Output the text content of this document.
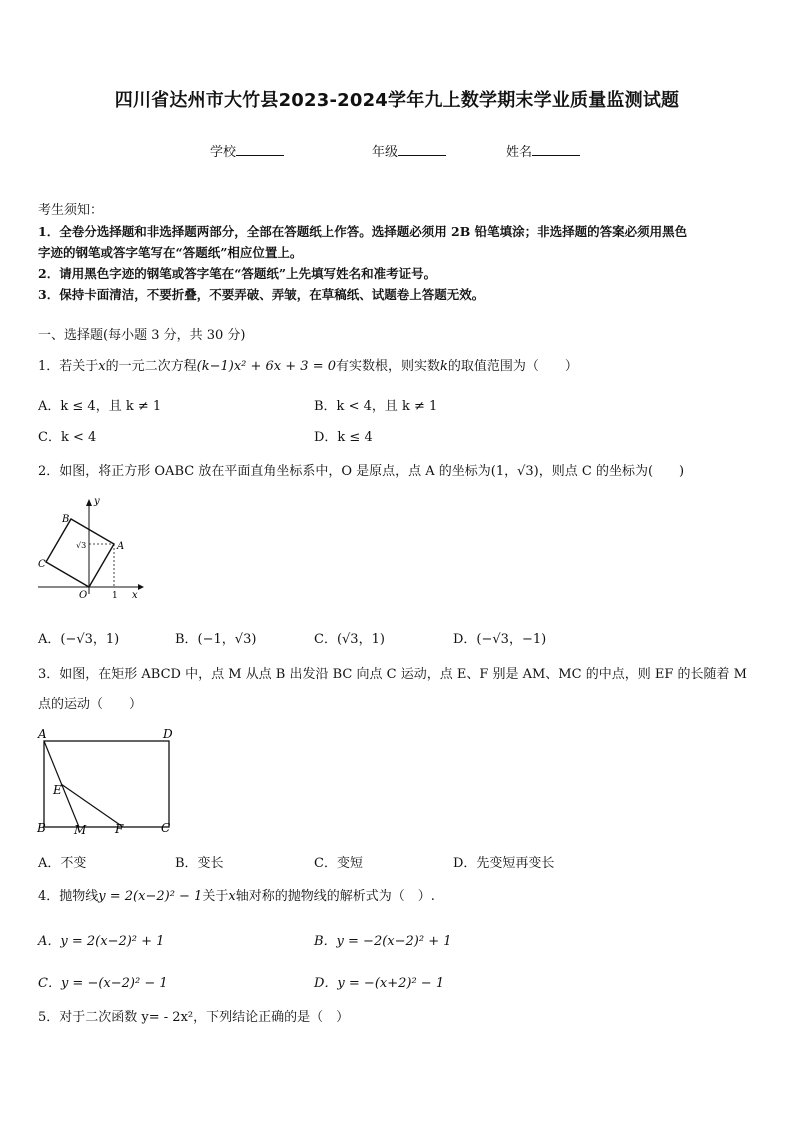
四川省达州市大竹县2023-2024学年九上数学期末学业质量监测试题
学校	年级	姓名
考生须知：
1．全卷分选择题和非选择题两部分，全部在答题纸上作答。选择题必须用 2B 铅笔填涂；非选择题的答案必须用黑色
字迹的钢笔或答字笔写在“答题纸”相应位置上。
2．请用黑色字迹的钢笔或答字笔在“答题纸”上先填写姓名和准考证号。
3．保持卡面清洁，不要折叠，不要弄破、弄皱，在草稿纸、试题卷上答题无效。
一、选择题(每小题 3 分，共 30 分)
1．若关于x的一元二次方程(k−1)x² + 6x + 3 = 0有实数根，则实数k的取值范围为（　　）
A．k ≤ 4，且 k ≠ 1	B．k < 4，且 k ≠ 1
C．k < 4	D．k ≤ 4
2．如图，将正方形 OABC 放在平面直角坐标系中，O 是原点，点 A 的坐标为(1，√3)，则点 C 的坐标为(　　)
B
A
C
O
y
x
1
√3
A．(−√3，1)	B．(−1，√3)	C．(√3，1)	D．(−√3，−1)
3．如图，在矩形 ABCD 中，点 M 从点 B 出发沿 BC 向点 C 运动，点 E、F 别是 AM、MC 的中点，则 EF 的长随着 M
点的运动（　　）
A	D
E
B M F	C
A．不变	B．变长	C．变短	D．先变短再变长
4．抛物线y = 2(x−2)² − 1关于x轴对称的抛物线的解析式为（　）.
A．y = 2(x−2)² + 1	B．y = −2(x−2)² + 1
C．y = −(x−2)² − 1	D．y = −(x+2)² − 1
5．对于二次函数 y= - 2x²，下列结论正确的是（　）
